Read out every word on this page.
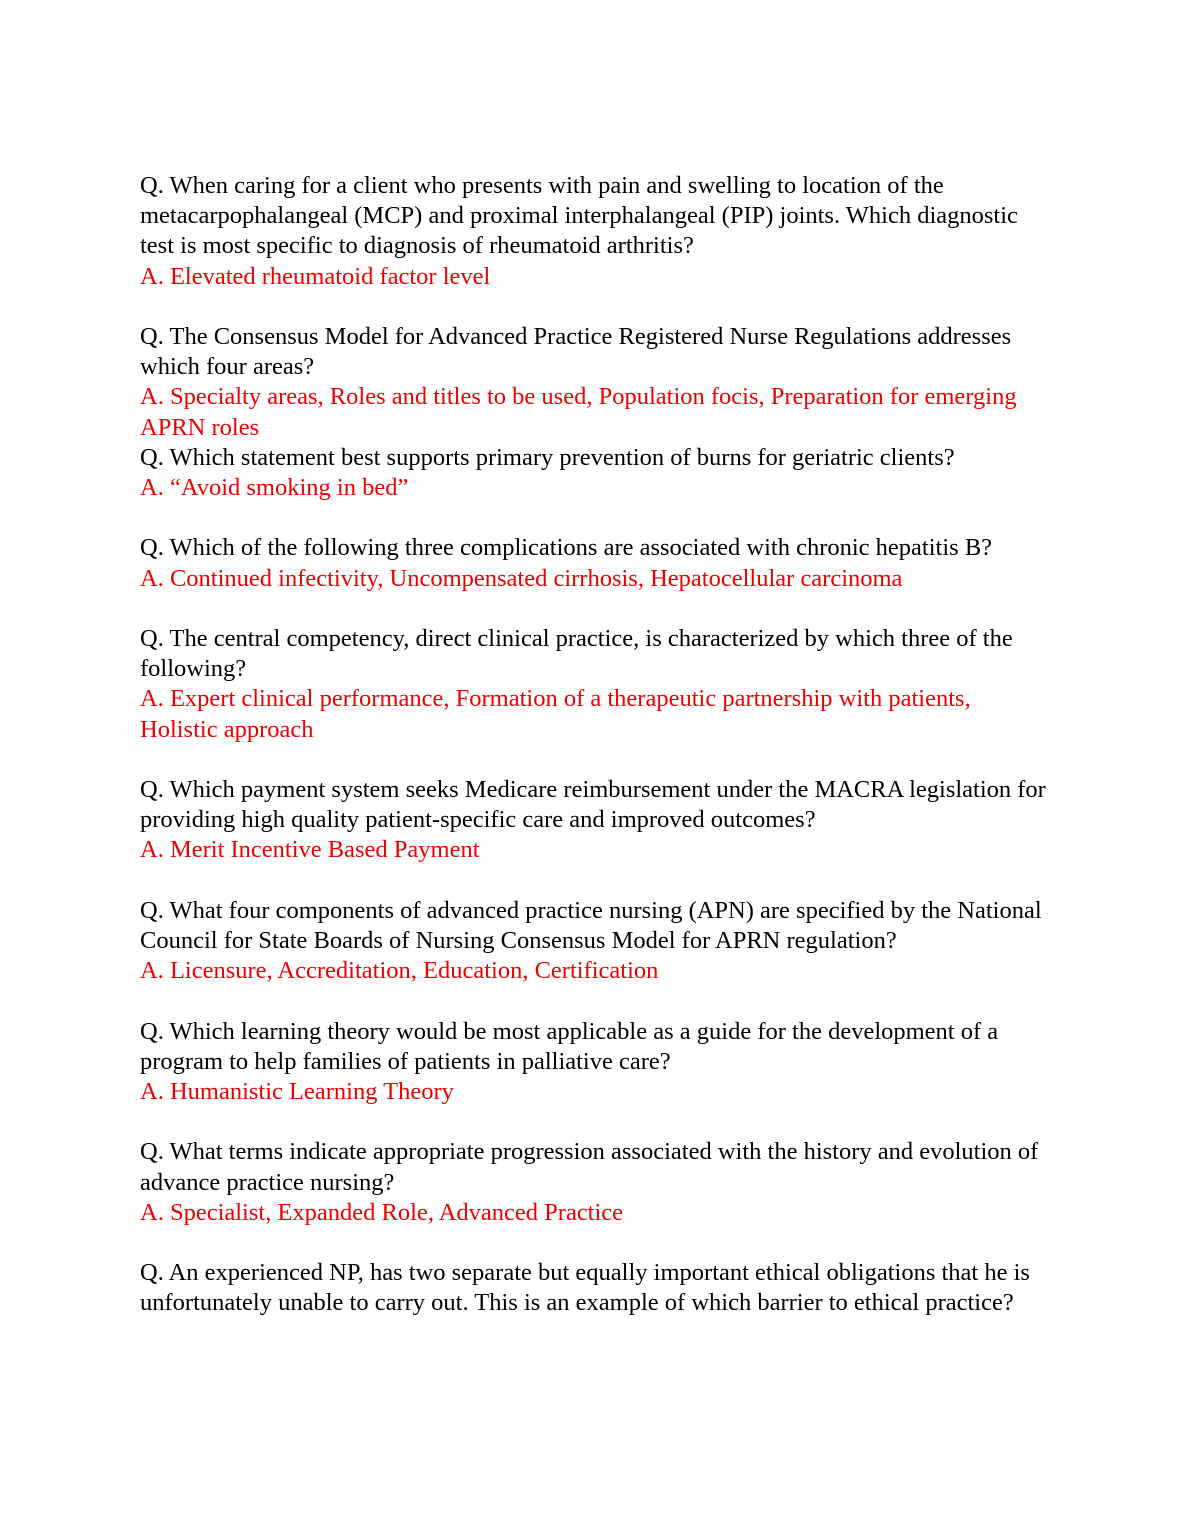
Q. When caring for a client who presents with pain and swelling to location of the metacarpophalangeal (MCP) and proximal interphalangeal (PIP) joints. Which diagnostic test is most specific to diagnosis of rheumatoid arthritis?

A. Elevated rheumatoid factor level

Q. The Consensus Model for Advanced Practice Registered Nurse Regulations addresses which four areas?

A. Specialty areas, Roles and titles to be used, Population focis, Preparation for emerging APRN roles

Q. Which statement best supports primary prevention of burns for geriatric clients?

A. “Avoid smoking in bed”

Q. Which of the following three complications are associated with chronic hepatitis B?

A. Continued infectivity, Uncompensated cirrhosis, Hepatocellular carcinoma

Q. The central competency, direct clinical practice, is characterized by which three of the following?

A. Expert clinical performance, Formation of a therapeutic partnership with patients, Holistic approach

Q. Which payment system seeks Medicare reimbursement under the MACRA legislation for providing high quality patient-specific care and improved outcomes?

A. Merit Incentive Based Payment

Q. What four components of advanced practice nursing (APN) are specified by the National Council for State Boards of Nursing Consensus Model for APRN regulation?

A. Licensure, Accreditation, Education, Certification

Q. Which learning theory would be most applicable as a guide for the development of a program to help families of patients in palliative care?

A. Humanistic Learning Theory

Q. What terms indicate appropriate progression associated with the history and evolution of advance practice nursing?

A. Specialist, Expanded Role, Advanced Practice

Q. An experienced NP, has two separate but equally important ethical obligations that he is unfortunately unable to carry out. This is an example of which barrier to ethical practice?
